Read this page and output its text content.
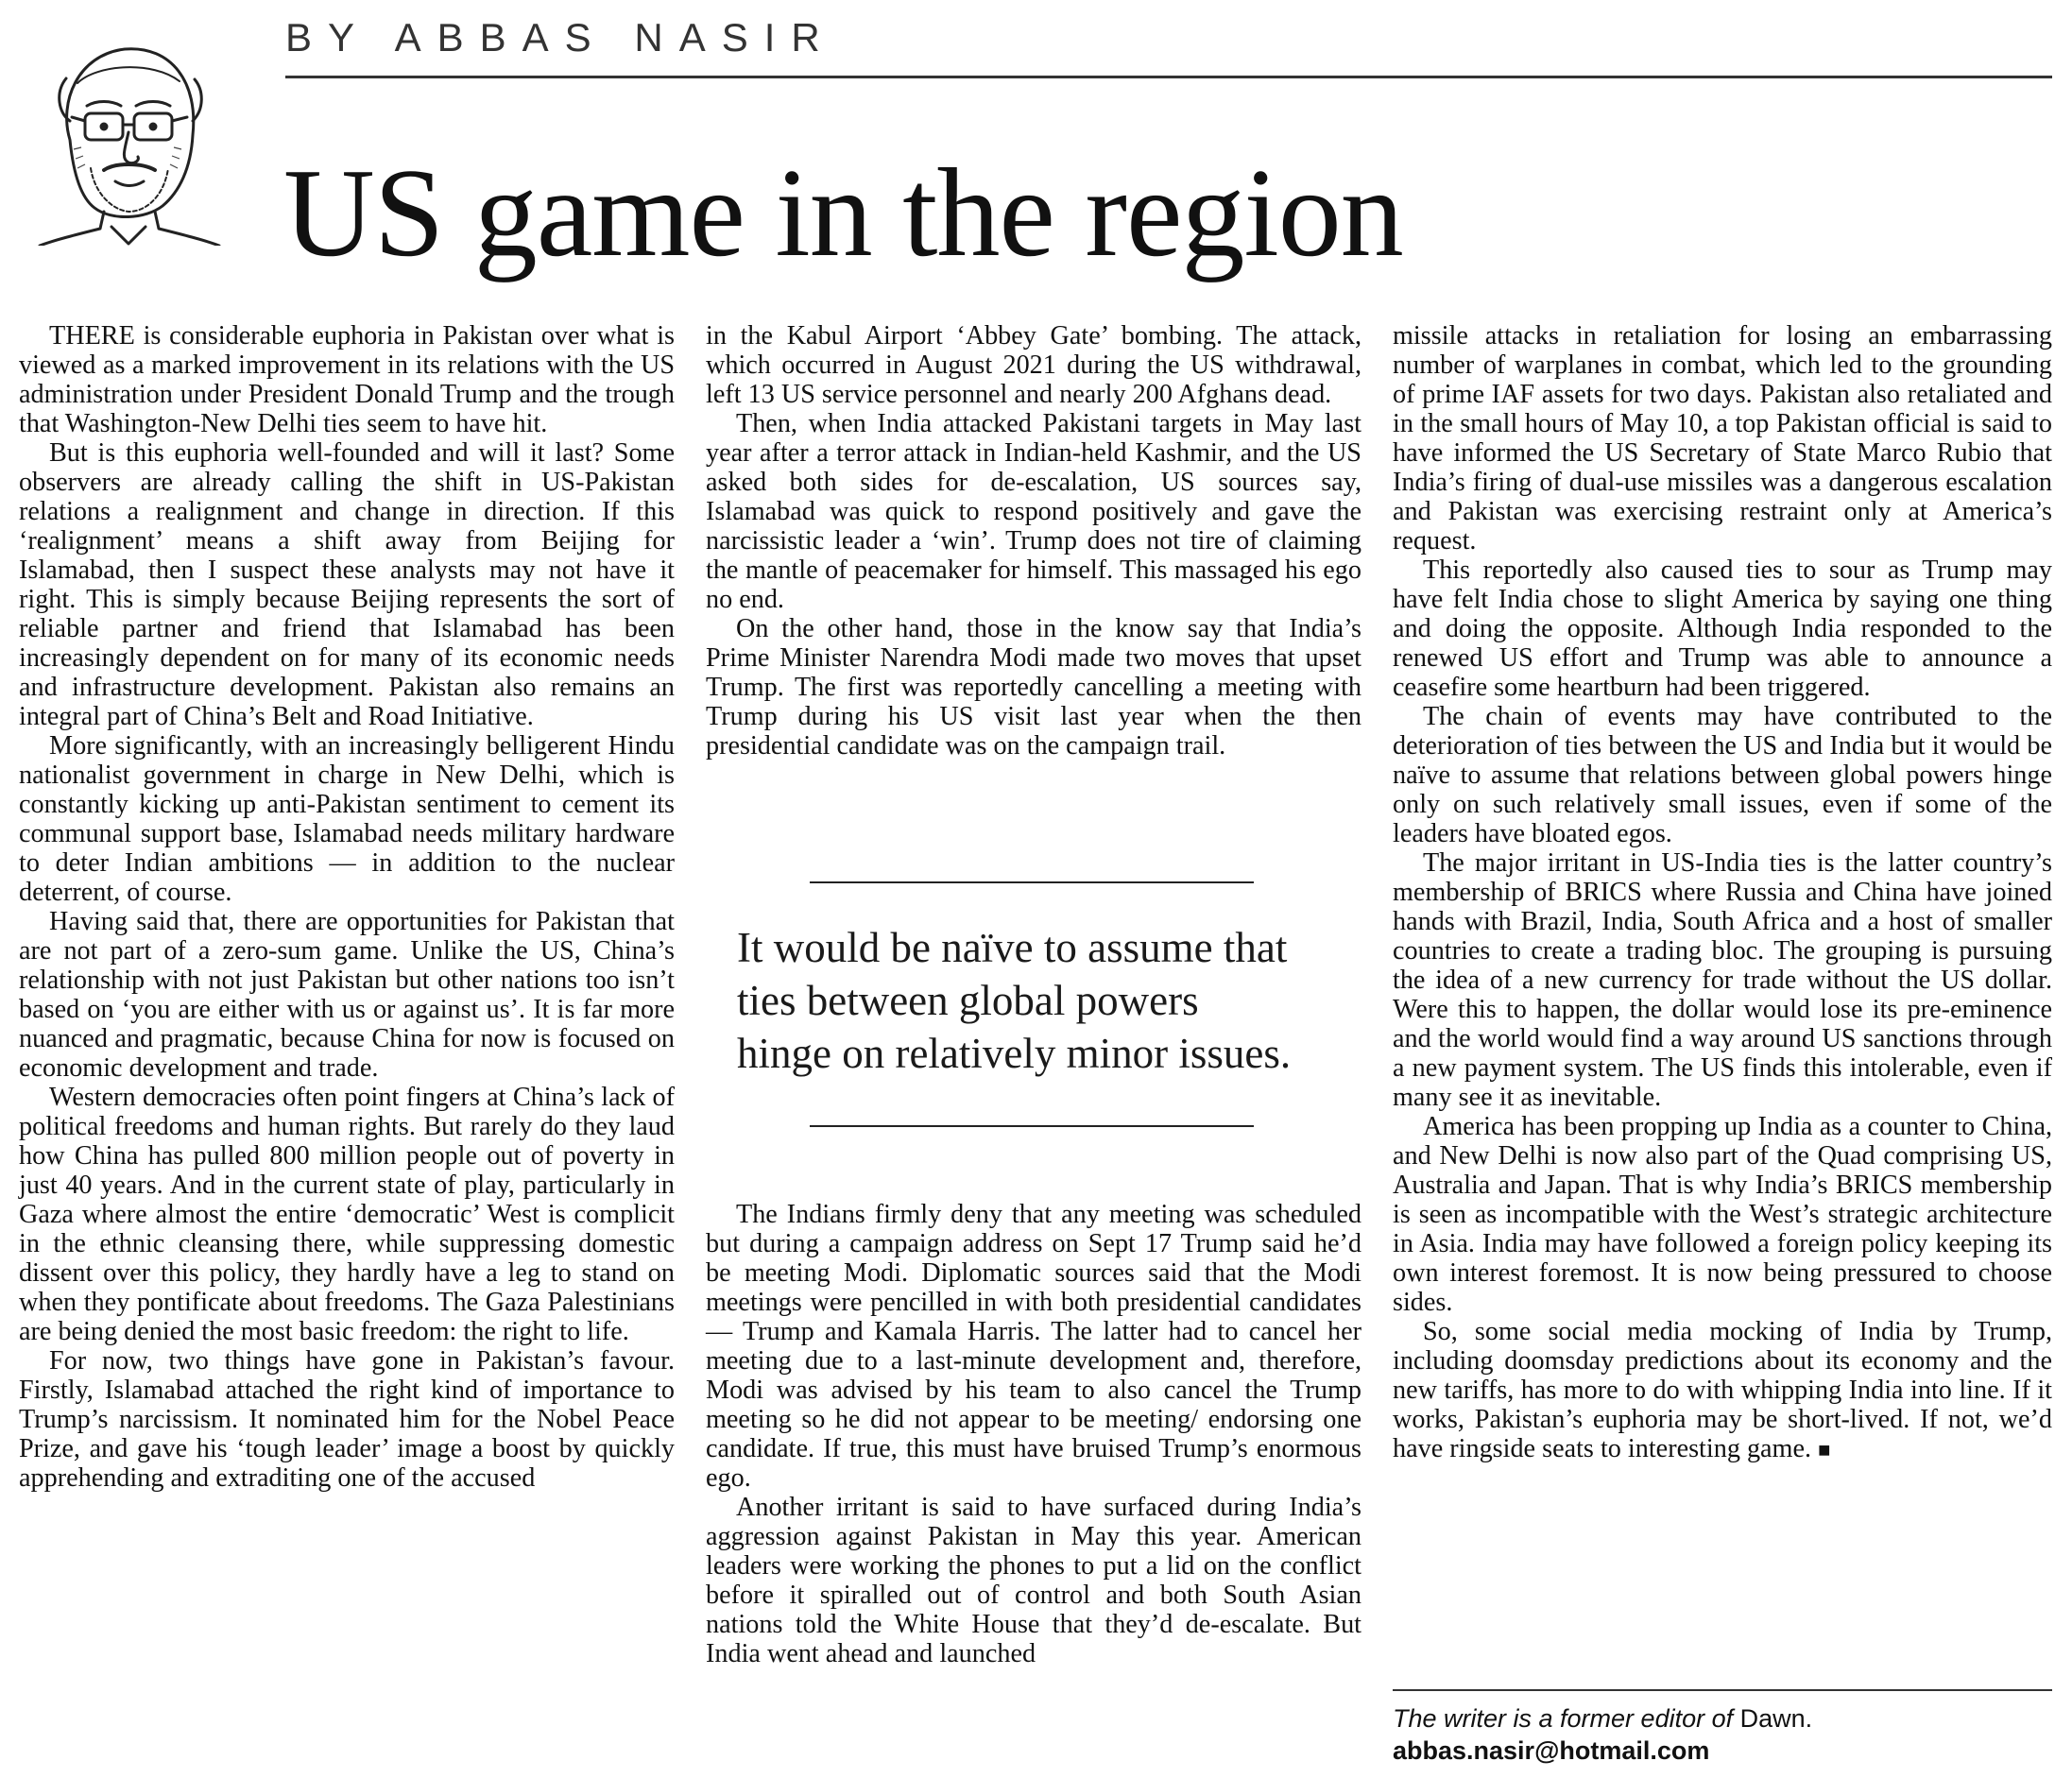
BY ABBAS NASIR
US game in the region

THERE is considerable euphoria in Pakistan over what is viewed as a marked improvement in its relations with the US administration under President Donald Trump and the trough that Washington-New Delhi ties seem to have hit.

But is this euphoria well-founded and will it last? Some observers are already calling the shift in US-Pakistan relations a realignment and change in direction. If this ‘realignment’ means a shift away from Beijing for Islamabad, then I suspect these analysts may not have it right. This is simply because Beijing represents the sort of reliable partner and friend that Islamabad has been increasingly dependent on for many of its economic needs and infrastructure development. Pakistan also remains an integral part of China’s Belt and Road Initiative.

More significantly, with an increasingly belligerent Hindu nationalist government in charge in New Delhi, which is constantly kicking up anti-Pakistan sentiment to cement its communal support base, Islamabad needs military hardware to deter Indian ambitions — in addition to the nuclear deterrent, of course.

Having said that, there are opportunities for Pakistan that are not part of a zero-sum game. Unlike the US, China’s relationship with not just Pakistan but other nations too isn’t based on ‘you are either with us or against us’. It is far more nuanced and pragmatic, because China for now is focused on economic development and trade.

Western democracies often point fingers at China’s lack of political freedoms and human rights. But rarely do they laud how China has pulled 800 million people out of poverty in just 40 years. And in the current state of play, particularly in Gaza where almost the entire ‘democratic’ West is complicit in the ethnic cleansing there, while suppressing domestic dissent over this policy, they hardly have a leg to stand on when they pontificate about freedoms. The Gaza Palestinians are being denied the most basic freedom: the right to life.

For now, two things have gone in Pakistan’s favour. Firstly, Islamabad attached the right kind of importance to Trump’s narcissism. It nominated him for the Nobel Peace Prize, and gave his ‘tough leader’ image a boost by quickly apprehending and extraditing one of the accused

in the Kabul Airport ‘Abbey Gate’ bombing. The attack, which occurred in August 2021 during the US withdrawal, left 13 US service personnel and nearly 200 Afghans dead.

Then, when India attacked Pakistani targets in May last year after a terror attack in Indian-held Kashmir, and the US asked both sides for de-escalation, US sources say, Islamabad was quick to respond positively and gave the narcissistic leader a ‘win’. Trump does not tire of claiming the mantle of peacemaker for himself. This massaged his ego no end.

On the other hand, those in the know say that India’s Prime Minister Narendra Modi made two moves that upset Trump. The first was reportedly cancelling a meeting with Trump during his US visit last year when the then presidential candidate was on the campaign trail.

It would be naïve to assume that ties between global powers hinge on relatively minor issues.

The Indians firmly deny that any meeting was scheduled but during a campaign address on Sept 17 Trump said he’d be meeting Modi. Diplomatic sources said that the Modi meetings were pencilled in with both presidential candidates — Trump and Kamala Harris. The latter had to cancel her meeting due to a last-minute development and, therefore, Modi was advised by his team to also cancel the Trump meeting so he did not appear to be meeting/ endorsing one candidate. If true, this must have bruised Trump’s enormous ego.

Another irritant is said to have surfaced during India’s aggression against Pakistan in May this year. American leaders were working the phones to put a lid on the conflict before it spiralled out of control and both South Asian nations told the White House that they’d de-escalate. But India went ahead and launched

missile attacks in retaliation for losing an embarrassing number of warplanes in combat, which led to the grounding of prime IAF assets for two days. Pakistan also retaliated and in the small hours of May 10, a top Pakistan official is said to have informed the US Secretary of State Marco Rubio that India’s firing of dual-use missiles was a dangerous escalation and Pakistan was exercising restraint only at America’s request.

This reportedly also caused ties to sour as Trump may have felt India chose to slight America by saying one thing and doing the opposite. Although India responded to the renewed US effort and Trump was able to announce a ceasefire some heartburn had been triggered.

The chain of events may have contributed to the deterioration of ties between the US and India but it would be naïve to assume that relations between global powers hinge only on such relatively small issues, even if some of the leaders have bloated egos.

The major irritant in US-India ties is the latter country’s membership of BRICS where Russia and China have joined hands with Brazil, India, South Africa and a host of smaller countries to create a trading bloc. The grouping is pursuing the idea of a new currency for trade without the US dollar. Were this to happen, the dollar would lose its pre-eminence and the world would find a way around US sanctions through a new payment system. The US finds this intolerable, even if many see it as inevitable.

America has been propping up India as a counter to China, and New Delhi is now also part of the Quad comprising US, Australia and Japan. That is why India’s BRICS membership is seen as incompatible with the West’s strategic architecture in Asia. India may have followed a foreign policy keeping its own interest foremost. It is now being pressured to choose sides.

So, some social media mocking of India by Trump, including doomsday predictions about its economy and the new tariffs, has more to do with whipping India into line. If it works, Pakistan’s euphoria may be short-lived. If not, we’d have ringside seats to interesting game. ■

The writer is a former editor of Dawn.
abbas.nasir@hotmail.com
